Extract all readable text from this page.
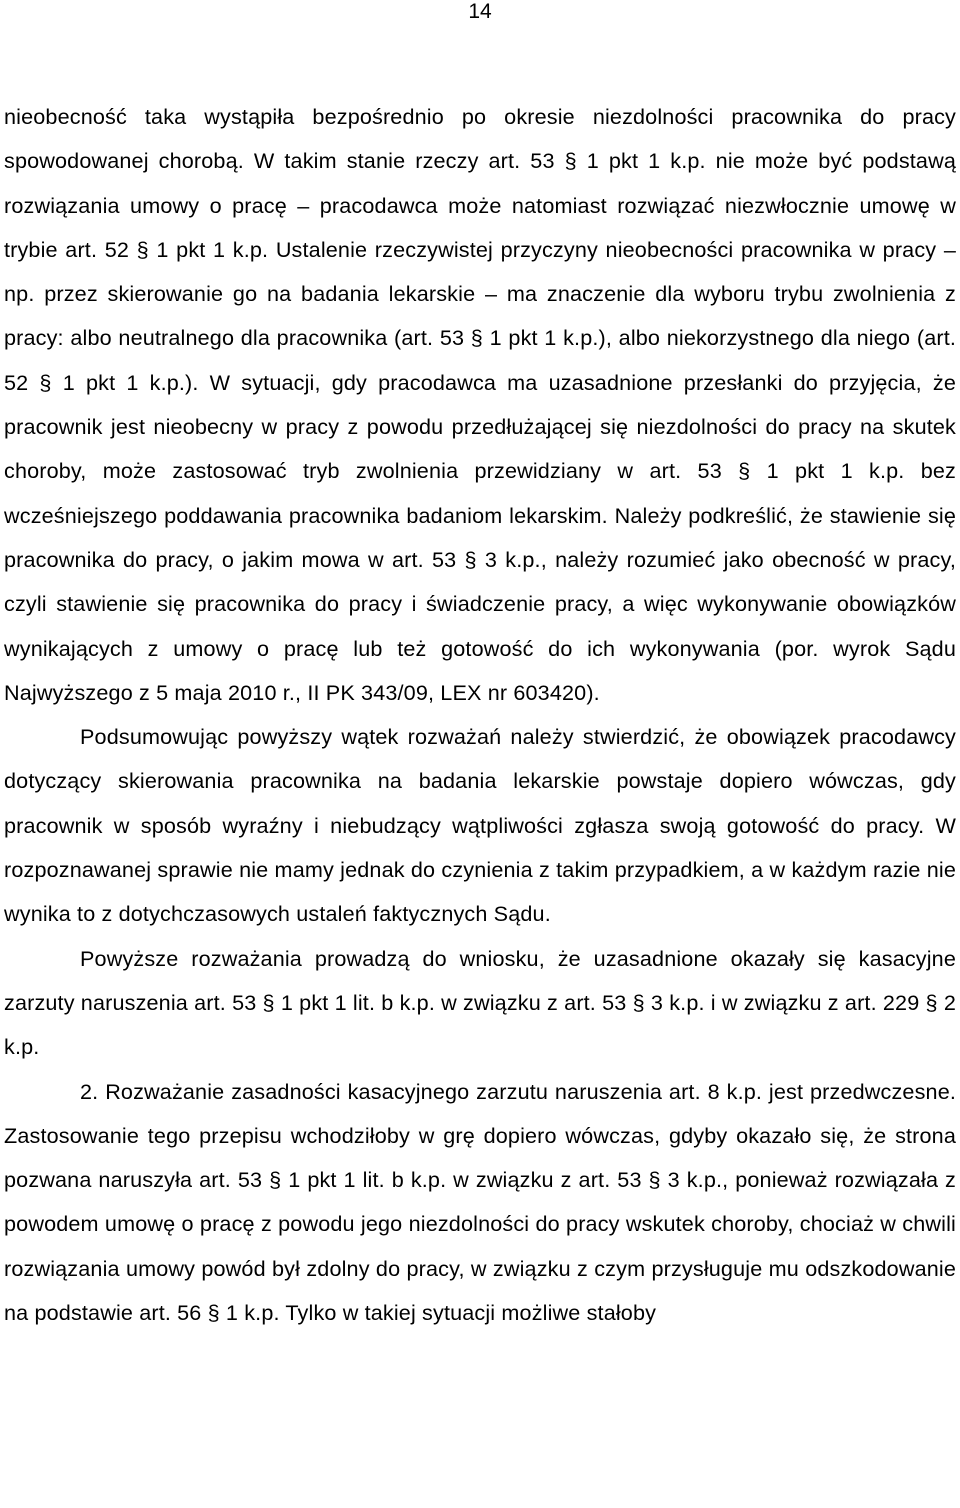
14

nieobecność taka wystąpiła bezpośrednio po okresie niezdolności pracownika do pracy spowodowanej chorobą. W takim stanie rzeczy art. 53 § 1 pkt 1 k.p. nie może być podstawą rozwiązania umowy o pracę – pracodawca może natomiast rozwiązać niezwłocznie umowę w trybie art. 52 § 1 pkt 1 k.p. Ustalenie rzeczywistej przyczyny nieobecności pracownika w pracy – np. przez skierowanie go na badania lekarskie – ma znaczenie dla wyboru trybu zwolnienia z pracy: albo neutralnego dla pracownika (art. 53 § 1 pkt 1 k.p.), albo niekorzystnego dla niego (art. 52 § 1 pkt 1 k.p.). W sytuacji, gdy pracodawca ma uzasadnione przesłanki do przyjęcia, że pracownik jest nieobecny w pracy z powodu przedłużającej się niezdolności do pracy na skutek choroby, może zastosować tryb zwolnienia przewidziany w art. 53 § 1 pkt 1 k.p. bez wcześniejszego poddawania pracownika badaniom lekarskim. Należy podkreślić, że stawienie się pracownika do pracy, o jakim mowa w art. 53 § 3 k.p., należy rozumieć jako obecność w pracy, czyli stawienie się pracownika do pracy i świadczenie pracy, a więc wykonywanie obowiązków wynikających z umowy o pracę lub też gotowość do ich wykonywania (por. wyrok Sądu Najwyższego z 5 maja 2010 r., II PK 343/09, LEX nr 603420).

Podsumowując powyższy wątek rozważań należy stwierdzić, że obowiązek pracodawcy dotyczący skierowania pracownika na badania lekarskie powstaje dopiero wówczas, gdy pracownik w sposób wyraźny i niebudzący wątpliwości zgłasza swoją gotowość do pracy. W rozpoznawanej sprawie nie mamy jednak do czynienia z takim przypadkiem, a w każdym razie nie wynika to z dotychczasowych ustaleń faktycznych Sądu.

Powyższe rozważania prowadzą do wniosku, że uzasadnione okazały się kasacyjne zarzuty naruszenia art. 53 § 1 pkt 1 lit. b k.p. w związku z art. 53 § 3 k.p. i w związku z art. 229 § 2 k.p.

2. Rozważanie zasadności kasacyjnego zarzutu naruszenia art. 8 k.p. jest przedwczesne. Zastosowanie tego przepisu wchodziłoby w grę dopiero wówczas, gdyby okazało się, że strona pozwana naruszyła art. 53 § 1 pkt 1 lit. b k.p. w związku z art. 53 § 3 k.p., ponieważ rozwiązała z powodem umowę o pracę z powodu jego niezdolności do pracy wskutek choroby, chociaż w chwili rozwiązania umowy powód był zdolny do pracy, w związku z czym przysługuje mu odszkodowanie na podstawie art. 56 § 1 k.p. Tylko w takiej sytuacji możliwe stałoby
